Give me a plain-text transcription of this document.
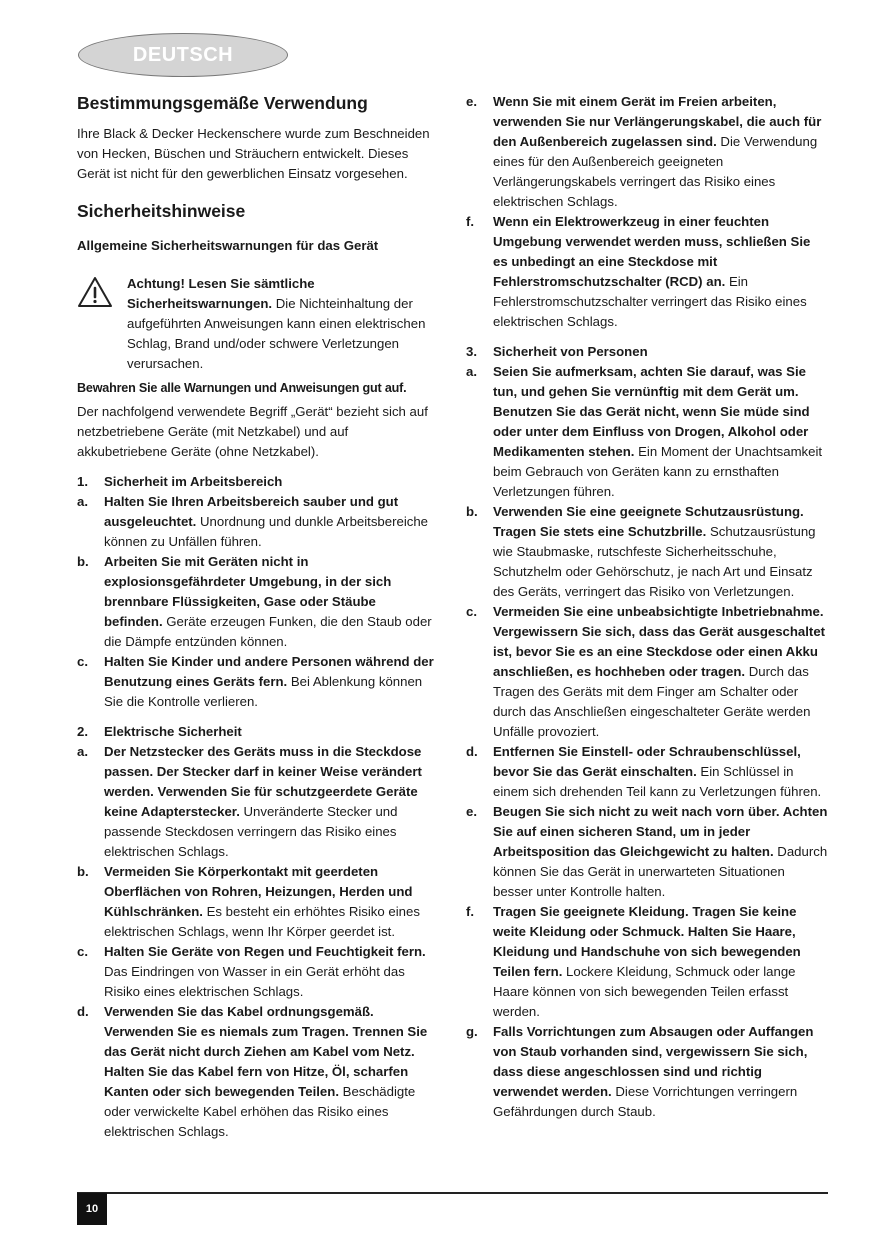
DEUTSCH
Bestimmungsgemäße Verwendung

Ihre Black & Decker Heckenschere wurde zum Beschneiden von Hecken, Büschen und Sträuchern entwickelt. Dieses Gerät ist nicht für den gewerblichen Einsatz vorgesehen.

Sicherheitshinweise

Allgemeine Sicherheitswarnungen für das Gerät

Achtung! Lesen Sie sämtliche Sicherheitswarnungen. Die Nichteinhaltung der aufgeführten Anweisungen kann einen elektrischen Schlag, Brand und/oder schwere Verletzungen verursachen.

Bewahren Sie alle Warnungen und Anweisungen gut auf.

Der nachfolgend verwendete Begriff „Gerät“ bezieht sich auf netzbetriebene Geräte (mit Netzkabel) und auf akkubetriebene Geräte (ohne Netzkabel).

1.	Sicherheit im Arbeitsbereich
a.	Halten Sie Ihren Arbeitsbereich sauber und gut ausgeleuchtet. Unordnung und dunkle Arbeitsbereiche können zu Unfällen führen.
b.	Arbeiten Sie mit Geräten nicht in explosionsgefährdeter Umgebung, in der sich brennbare Flüssigkeiten, Gase oder Stäube befinden. Geräte erzeugen Funken, die den Staub oder die Dämpfe entzünden können.
c.	Halten Sie Kinder und andere Personen während der Benutzung eines Geräts fern. Bei Ablenkung können Sie die Kontrolle verlieren.
2.	Elektrische Sicherheit
a.	Der Netzstecker des Geräts muss in die Steckdose passen. Der Stecker darf in keiner Weise verändert werden. Verwenden Sie für schutzgeerdete Geräte keine Adapterstecker. Unveränderte Stecker und passende Steckdosen verringern das Risiko eines elektrischen Schlags.
b.	Vermeiden Sie Körperkontakt mit geerdeten Oberflächen von Rohren, Heizungen, Herden und Kühlschränken. Es besteht ein erhöhtes Risiko eines elektrischen Schlags, wenn Ihr Körper geerdet ist.
c.	Halten Sie Geräte von Regen und Feuchtigkeit fern. Das Eindringen von Wasser in ein Gerät erhöht das Risiko eines elektrischen Schlags.
d.	Verwenden Sie das Kabel ordnungsgemäß. Verwenden Sie es niemals zum Tragen. Trennen Sie das Gerät nicht durch Ziehen am Kabel vom Netz. Halten Sie das Kabel fern von Hitze, Öl, scharfen Kanten oder sich bewegenden Teilen. Beschädigte oder verwickelte Kabel erhöhen das Risiko eines elektrischen Schlags.
e.	Wenn Sie mit einem Gerät im Freien arbeiten, verwenden Sie nur Verlängerungskabel, die auch für den Außenbereich zugelassen sind. Die Verwendung eines für den Außenbereich geeigneten Verlängerungskabels verringert das Risiko eines elektrischen Schlags.
f.	Wenn ein Elektrowerkzeug in einer feuchten Umgebung verwendet werden muss, schließen Sie es unbedingt an eine Steckdose mit Fehlerstromschutzschalter (RCD) an. Ein Fehlerstromschutzschalter verringert das Risiko eines elektrischen Schlags.
3.	Sicherheit von Personen
a.	Seien Sie aufmerksam, achten Sie darauf, was Sie tun, und gehen Sie vernünftig mit dem Gerät um. Benutzen Sie das Gerät nicht, wenn Sie müde sind oder unter dem Einfluss von Drogen, Alkohol oder Medikamenten stehen. Ein Moment der Unachtsamkeit beim Gebrauch von Geräten kann zu ernsthaften Verletzungen führen.
b.	Verwenden Sie eine geeignete Schutzausrüstung. Tragen Sie stets eine Schutzbrille. Schutzausrüstung wie Staubmaske, rutschfeste Sicherheitsschuhe, Schutzhelm oder Gehörschutz, je nach Art und Einsatz des Geräts, verringert das Risiko von Verletzungen.
c.	Vermeiden Sie eine unbeabsichtigte Inbetriebnahme. Vergewissern Sie sich, dass das Gerät ausgeschaltet ist, bevor Sie es an eine Steckdose oder einen Akku anschließen, es hochheben oder tragen. Durch das Tragen des Geräts mit dem Finger am Schalter oder durch das Anschließen eingeschalteter Geräte werden Unfälle provoziert.
d.	Entfernen Sie Einstell- oder Schraubenschlüssel, bevor Sie das Gerät einschalten. Ein Schlüssel in einem sich drehenden Teil kann zu Verletzungen führen.
e.	Beugen Sie sich nicht zu weit nach vorn über. Achten Sie auf einen sicheren Stand, um in jeder Arbeitsposition das Gleichgewicht zu halten. Dadurch können Sie das Gerät in unerwarteten Situationen besser unter Kontrolle halten.
f.	Tragen Sie geeignete Kleidung. Tragen Sie keine weite Kleidung oder Schmuck. Halten Sie Haare, Kleidung und Handschuhe von sich bewegenden Teilen fern. Lockere Kleidung, Schmuck oder lange Haare können von sich bewegenden Teilen erfasst werden.
g.	Falls Vorrichtungen zum Absaugen oder Auffangen von Staub vorhanden sind, vergewissern Sie sich, dass diese angeschlossen sind und richtig verwendet werden. Diese Vorrichtungen verringern Gefährdungen durch Staub.
10
